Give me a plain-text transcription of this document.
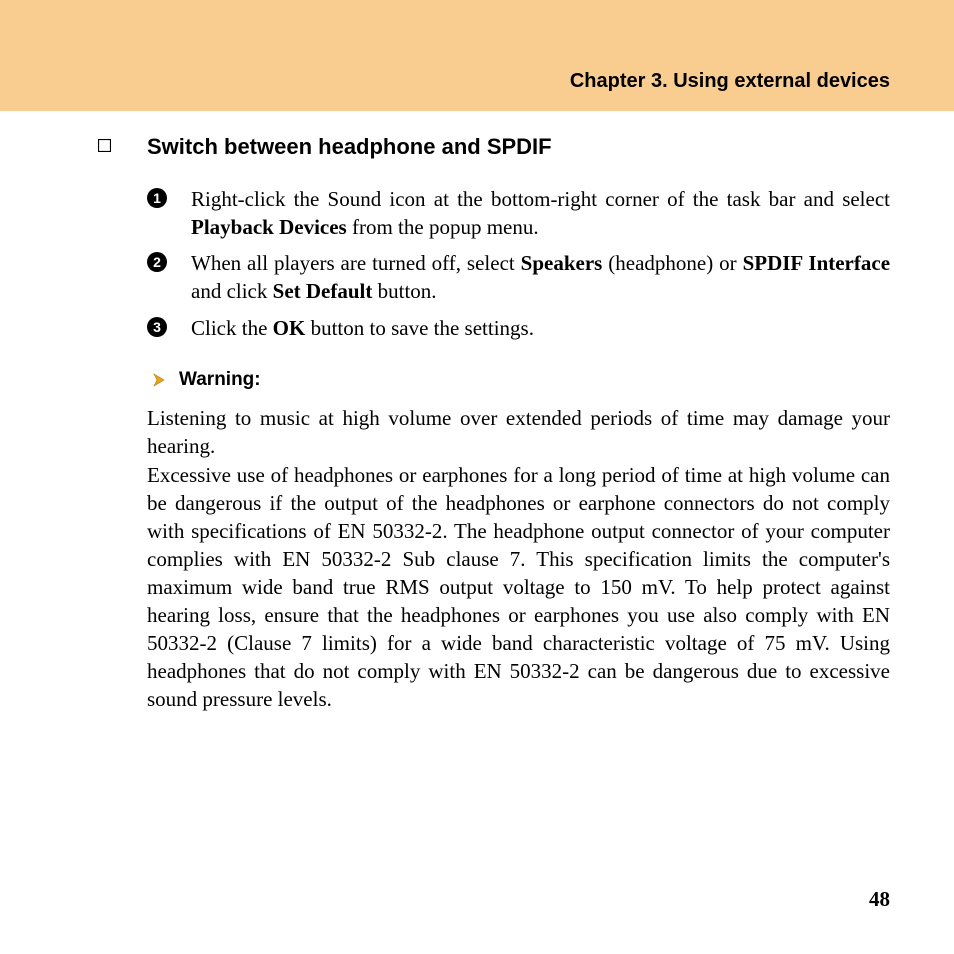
Chapter 3. Using external devices
Switch between headphone and SPDIF
1 Right-click the Sound icon at the bottom-right corner of the task bar and select Playback Devices from the popup menu.

2 When all players are turned off, select Speakers (headphone) or SPDIF Interface and click Set Default button.

3 Click the OK button to save the settings.

Warning:

Listening to music at high volume over extended periods of time may damage your hearing.

Excessive use of headphones or earphones for a long period of time at high volume can be dangerous if the output of the headphones or earphone connectors do not comply with specifications of EN 50332-2. The headphone output connector of your computer complies with EN 50332-2 Sub clause 7. This specification limits the computer's maximum wide band true RMS output voltage to 150 mV. To help protect against hearing loss, ensure that the headphones or earphones you use also comply with EN 50332-2 (Clause 7 limits) for a wide band characteristic voltage of 75 mV. Using headphones that do not comply with EN 50332-2 can be dangerous due to excessive sound pressure levels.

48
